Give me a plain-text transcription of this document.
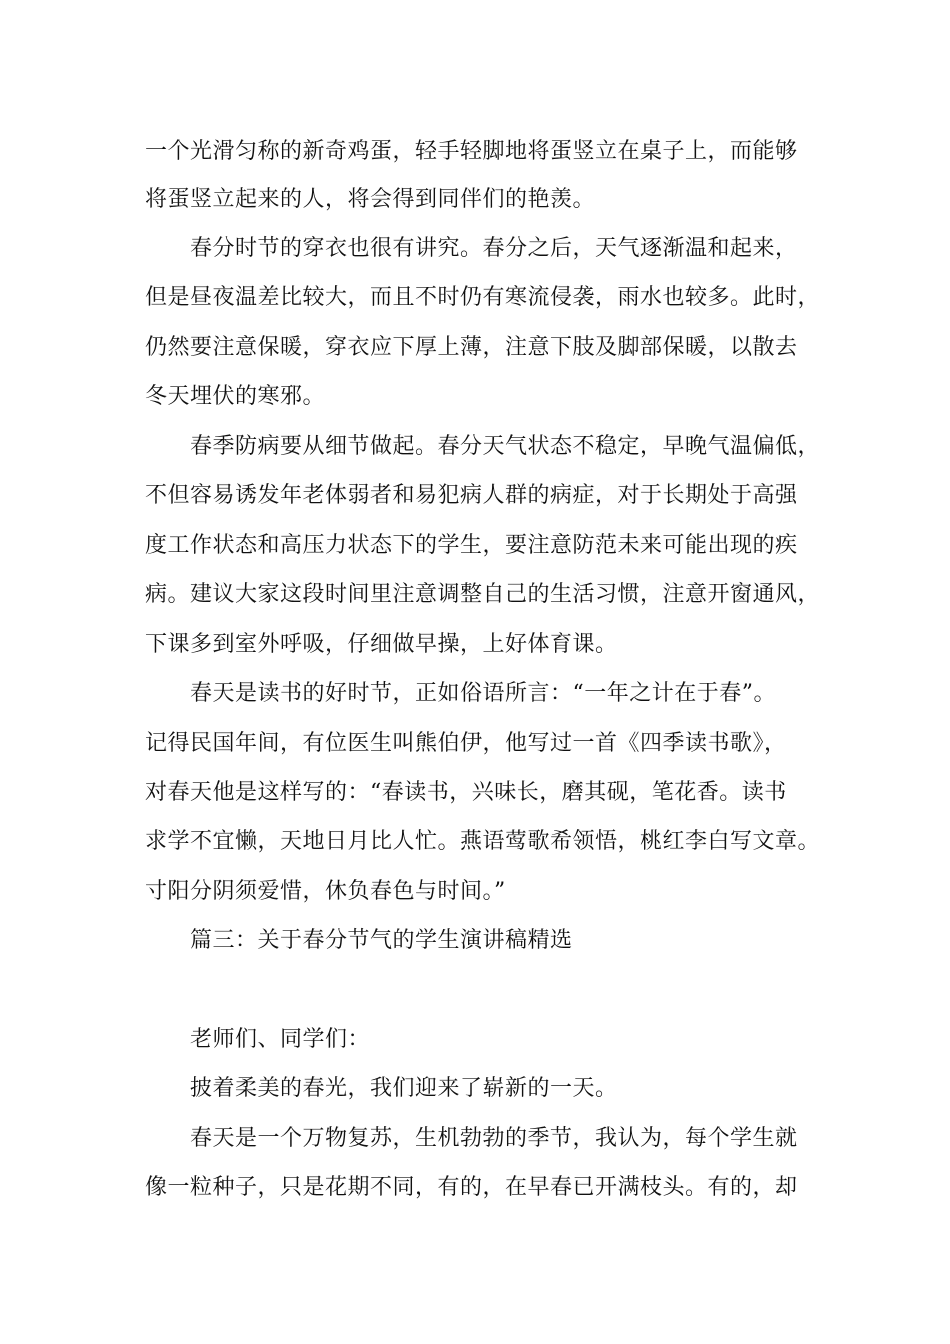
一个光滑匀称的新奇鸡蛋，轻手轻脚地将蛋竖立在桌子上，而能够
将蛋竖立起来的人，将会得到同伴们的艳羡。
春分时节的穿衣也很有讲究。春分之后，天气逐渐温和起来，
但是昼夜温差比较大，而且不时仍有寒流侵袭，雨水也较多。此时，
仍然要注意保暖，穿衣应下厚上薄，注意下肢及脚部保暖，以散去
冬天埋伏的寒邪。
春季防病要从细节做起。春分天气状态不稳定，早晚气温偏低，
不但容易诱发年老体弱者和易犯病人群的病症，对于长期处于高强
度工作状态和高压力状态下的学生，要注意防范未来可能出现的疾
病。建议大家这段时间里注意调整自己的生活习惯，注意开窗通风，
下课多到室外呼吸，仔细做早操，上好体育课。
春天是读书的好时节，正如俗语所言：“一年之计在于春”。
记得民国年间，有位医生叫熊伯伊，他写过一首《四季读书歌》，
对春天他是这样写的：“春读书，兴味长，磨其砚，笔花香。读书
求学不宜懒，天地日月比人忙。燕语莺歌希领悟，桃红李白写文章。
寸阳分阴须爱惜，休负春色与时间。”
篇三：关于春分节气的学生演讲稿精选
老师们、同学们：
披着柔美的春光，我们迎来了崭新的一天。
春天是一个万物复苏，生机勃勃的季节，我认为，每个学生就
像一粒种子，只是花期不同，有的，在早春已开满枝头。有的，却
